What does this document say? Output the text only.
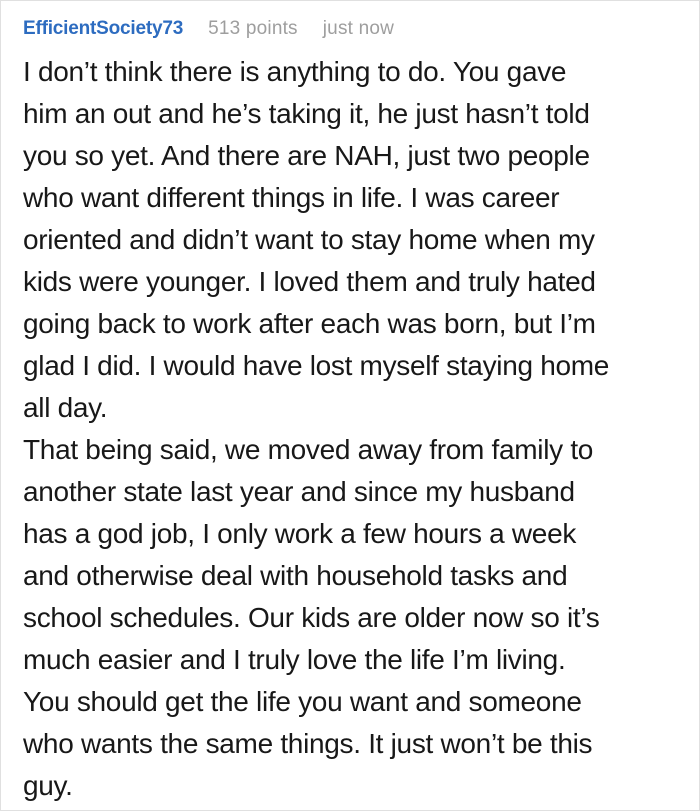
EfficientSociety73 513 points just now
I don’t think there is anything to do. You gave
him an out and he’s taking it, he just hasn’t told
you so yet. And there are NAH, just two people
who want different things in life. I was career
oriented and didn’t want to stay home when my
kids were younger. I loved them and truly hated
going back to work after each was born, but I’m
glad I did. I would have lost myself staying home
all day.
That being said, we moved away from family to
another state last year and since my husband
has a god job, I only work a few hours a week
and otherwise deal with household tasks and
school schedules. Our kids are older now so it’s
much easier and I truly love the life I’m living.
You should get the life you want and someone
who wants the same things. It just won’t be this
guy.
